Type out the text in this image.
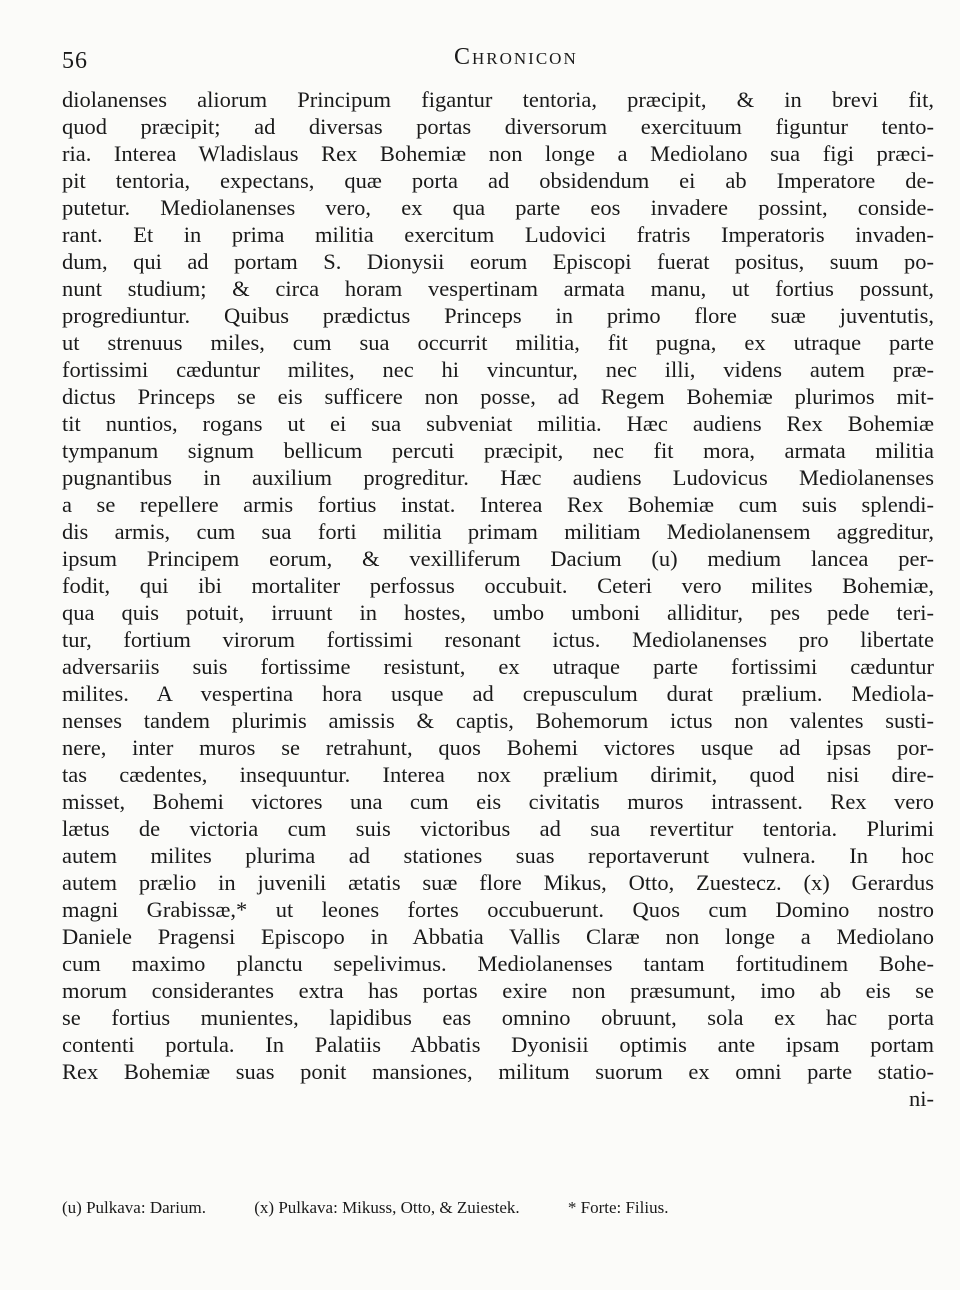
56	Chronicon
diolanenses aliorum Principum figantur tentoria, præcipit, & in brevi fit,
quod præcipit; ad diversas portas diversorum exercituum figuntur tento-
ria. Interea Wladislaus Rex Bohemiæ non longe a Mediolano sua figi præci-
pit tentoria, expectans, quæ porta ad obsidendum ei ab Imperatore de-
putetur. Mediolanenses vero, ex qua parte eos invadere possint, conside-
rant. Et in prima militia exercitum Ludovici fratris Imperatoris invaden-
dum, qui ad portam S. Dionysii eorum Episcopi fuerat positus, suum po-
nunt studium; & circa horam vespertinam armata manu, ut fortius possunt,
progrediuntur. Quibus prædictus Princeps in primo flore suæ juventutis,
ut strenuus miles, cum sua occurrit militia, fit pugna, ex utraque parte
fortissimi cæduntur milites, nec hi vincuntur, nec illi, videns autem præ-
dictus Princeps se eis sufficere non posse, ad Regem Bohemiæ plurimos mit-
tit nuntios, rogans ut ei sua subveniat militia. Hæc audiens Rex Bohemiæ
tympanum signum bellicum percuti præcipit, nec fit mora, armata militia
pugnantibus in auxilium progreditur. Hæc audiens Ludovicus Mediolanenses
a se repellere armis fortius instat. Interea Rex Bohemiæ cum suis splendi-
dis armis, cum sua forti militia primam militiam Mediolanensem aggreditur,
ipsum Principem eorum, & vexilliferum Dacium (u) medium lancea per-
fodit, qui ibi mortaliter perfossus occubuit. Ceteri vero milites Bohemiæ,
qua quis potuit, irruunt in hostes, umbo umboni alliditur, pes pede teri-
tur, fortium virorum fortissimi resonant ictus. Mediolanenses pro libertate
adversariis suis fortissime resistunt, ex utraque parte fortissimi cæduntur
milites. A vespertina hora usque ad crepusculum durat prælium. Mediola-
nenses tandem plurimis amissis & captis, Bohemorum ictus non valentes susti-
nere, inter muros se retrahunt, quos Bohemi victores usque ad ipsas por-
tas cædentes, insequuntur. Interea nox prælium dirimit, quod nisi dire-
misset, Bohemi victores una cum eis civitatis muros intrassent. Rex vero
lætus de victoria cum suis victoribus ad sua revertitur tentoria. Plurimi
autem milites plurima ad stationes suas reportaverunt vulnera. In hoc
autem prælio in juvenili ætatis suæ flore Mikus, Otto, Zuestecz. (x) Gerardus
magni Grabissæ,* ut leones fortes occubuerunt. Quos cum Domino nostro
Daniele Pragensi Episcopo in Abbatia Vallis Claræ non longe a Mediolano
cum maximo planctu sepelivimus. Mediolanenses tantam fortitudinem Bohe-
morum considerantes extra has portas exire non præsumunt, imo ab eis se
se fortius munientes, lapidibus eas omnino obruunt, sola ex hac porta
contenti portula. In Palatiis Abbatis Dyonisii optimis ante ipsam portam
Rex Bohemiæ suas ponit mansiones, militum suorum ex omni parte statio-
ni-
(u) Pulkava: Darium.	(x) Pulkava: Mikuss, Otto, & Zuiestek.	* Forte: Filius.
